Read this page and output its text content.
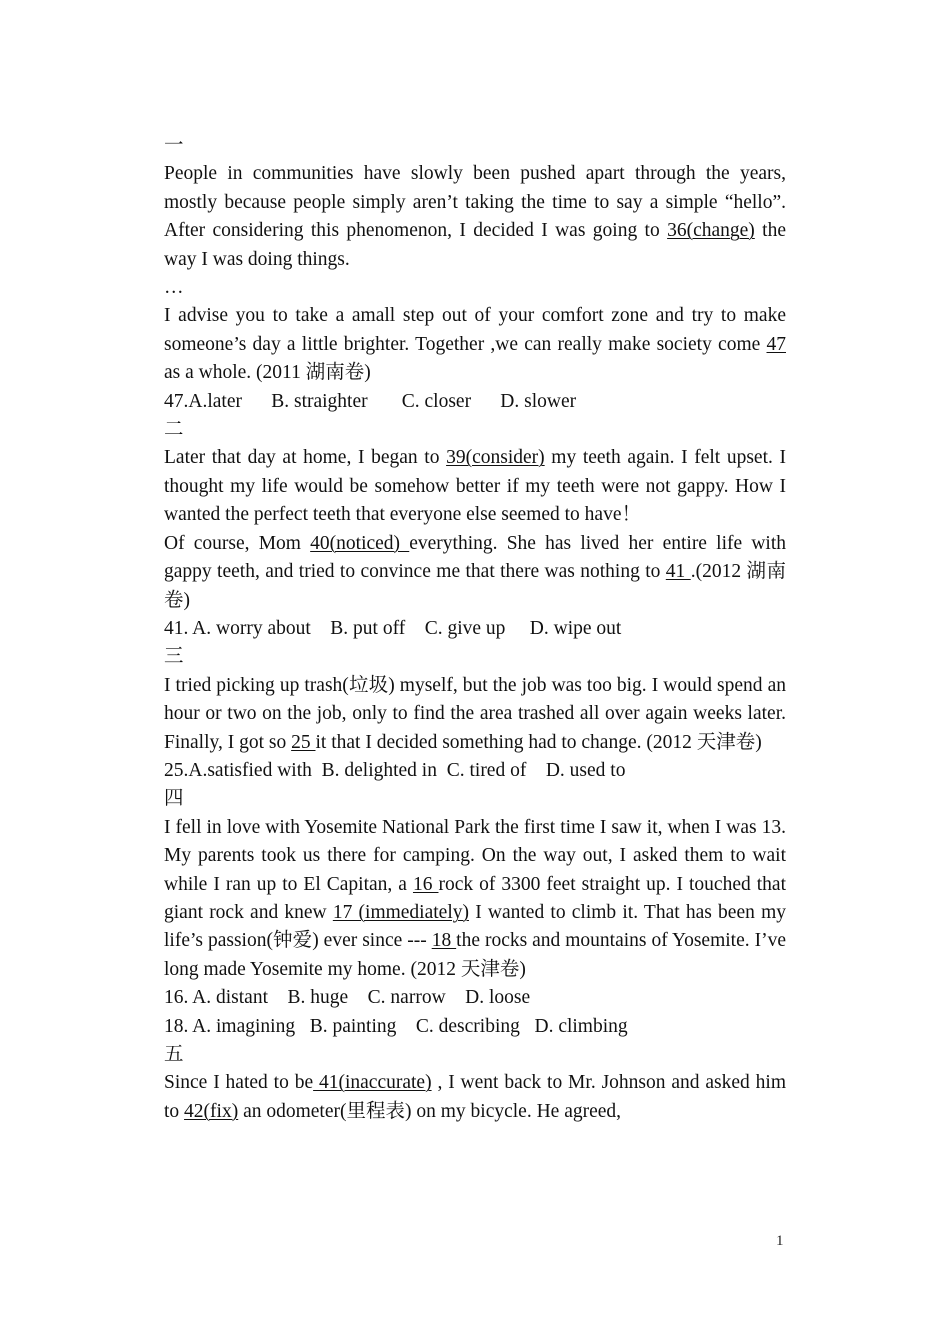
一

People in communities have slowly been pushed apart through the years, mostly because people simply aren’t taking the time to say a simple “hello”. After considering this phenomenon, I decided I was going to 36(change) the way I was doing things.

…

I advise you to take a amall step out of your comfort zone and try to make someone’s day a little brighter. Together ,we can really make society come 47 as a whole. (2011 湖南卷)

47.A.later      B. straighter       C. closer      D. slower

二

Later that day at home, I began to 39(consider) my teeth again. I felt upset. I thought my life would be somehow better if my teeth were not gappy. How I wanted the perfect teeth that everyone else seemed to have！

Of course, Mom 40(noticed) everything. She has lived her entire life with gappy teeth, and tried to convince me that there was nothing to 41 .(2012 湖南卷)

41. A. worry about    B. put off    C. give up     D. wipe out

三

I tried picking up trash(垃圾) myself, but the job was too big. I would spend an hour or two on the job, only to find the area trashed all over again weeks later. Finally, I got so 25 it that I decided something had to change. (2012 天津卷)

25.A.satisfied with  B. delighted in  C. tired of    D. used to

四

I fell in love with Yosemite National Park the first time I saw it, when I was 13. My parents took us there for camping. On the way out, I asked them to wait while I ran up to El Capitan, a 16 rock of 3300 feet straight up. I touched that giant rock and knew 17 (immediately) I wanted to climb it. That has been my life’s passion(钟爱) ever since --- 18 the rocks and mountains of Yosemite. I’ve long made Yosemite my home. (2012 天津卷)

16. A. distant    B. huge    C. narrow    D. loose

18. A. imagining   B. painting    C. describing   D. climbing

五

Since I hated to be 41(inaccurate) , I went back to Mr. Johnson and asked him to 42(fix) an odometer(里程表) on my bicycle. He agreed,

1
